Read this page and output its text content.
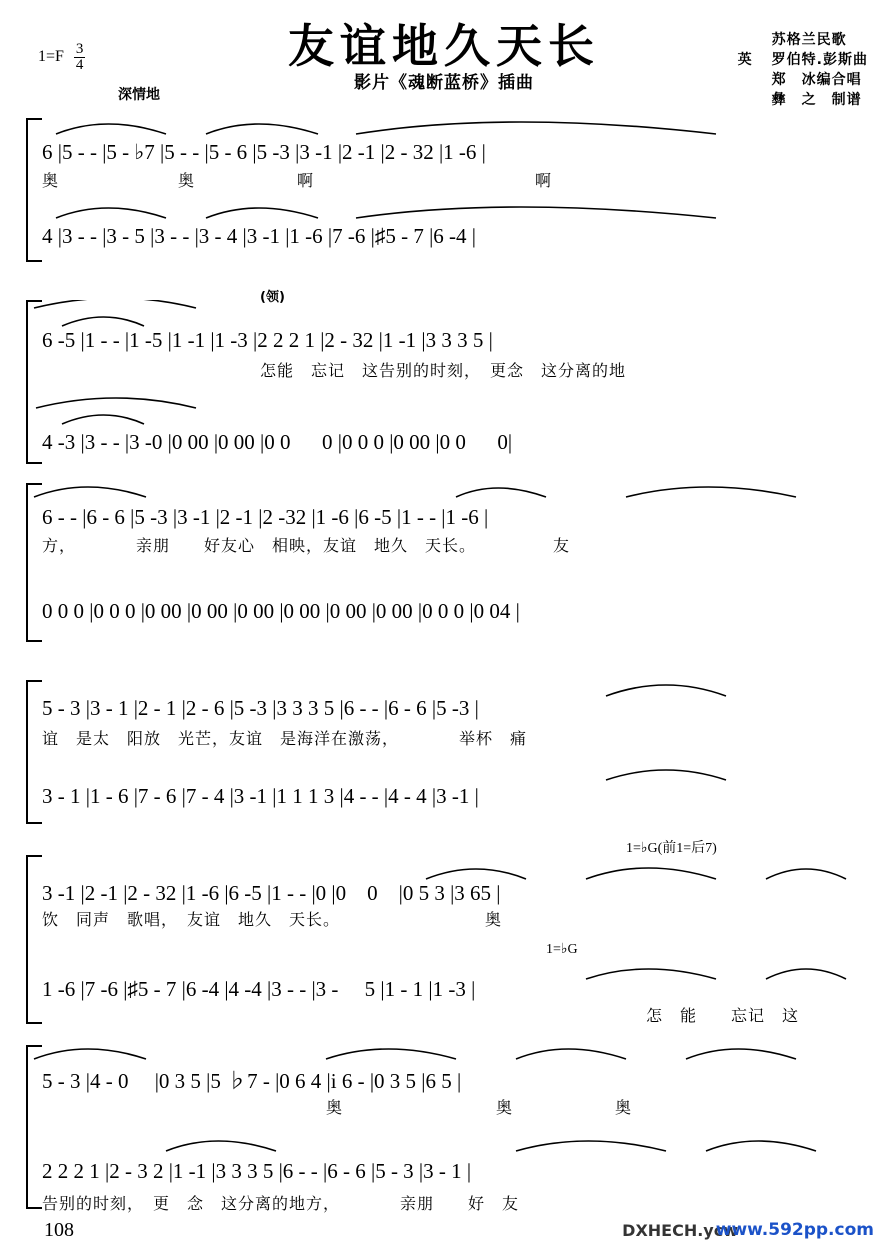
$1=F \frac{3}{4}$	友谊地久天长
影片《魂断蓝桥》插曲
苏格兰民歌
英 罗伯特.彭斯曲
郑　冰编合唱
彝　之　制谱
深情地
6 |5 - - |5 - ♭7 |5 - - |5 - 6 |5 -3 |3 -1 |2 -1 |2 - 32 |1 -6 |
奥　　　　　　　奥　　　　　　啊　　　　　　　　　　　　　啊
4 |3 - - |3 - 5 |3 - - |3 - 4 |3 -1 |1 -6 |7 -6 |♯5 - 7 |6 -4 |
(领)
6 -5 |1 - - |1 -5 |1 -1 |1 -3 |2 2 2 1 |2 - 32 |1 -1 |3 3 3 5 |
怎能　忘记　这告别的时刻，　更念　这分离的地
4 -3 |3 - - |3 -0 |0 00 |0 00 |0 0 　 0 |0 0 0 |0 00 |0 0 　 0|
6 - - |6 - 6 |5 -3 |3 -1 |2 -1 |2 -32 |1 -6 |6 -5 |1 - - |1 -6 |
方，　　　　亲朋　　好友心　相映，友谊　地久　天长。　　　　　友
0 0 0 |0 0 0 |0 00 |0 00 |0 00 |0 00 |0 00 |0 00 |0 0 0 |0 04 |
5 - 3 |3 - 1 |2 - 1 |2 - 6 |5 -3 |3 3 3 5 |6 - - |6 - 6 |5 -3 |
谊　是太　阳放　光芒，友谊　是海洋在激荡，　　　　举杯　痛
3 - 1 |1 - 6 |7 - 6 |7 - 4 |3 -1 |1 1 1 3 |4 - - |4 - 4 |3 -1 |
1=♭G(前1=后7)
1=♭G
3 -1 |2 -1 |2 - 32 |1 -6 |6 -5 |1 - - |0 |0　0　|0 5 3 |3 65 |
饮　同声　歌唱，　友谊　地久　天长。　　　　　　　　　奥
1 -6 |7 -6 |♯5 - 7 |6 -4 |4 -4 |3 - - |3 -　 5 |1 - 1 |1 -3 |
怎　能　　忘记　这
5 - 3 |4 - 0 　|0 3 5 |5 ♭7 - |0 6 4 |i 6 - |0 3 5 |6 5 |
奥　　　　　　　　　奥　　　　　　奥
2 2 2 1 |2 - 3 2 |1 -1 |3 3 3 5 |6 - - |6 - 6 |5 - 3 |3 - 1 |
告别的时刻，　更　念　这分离的地方，　　　　亲朋　　好　友
108	DXHECH.ycw
www.592pp.com
